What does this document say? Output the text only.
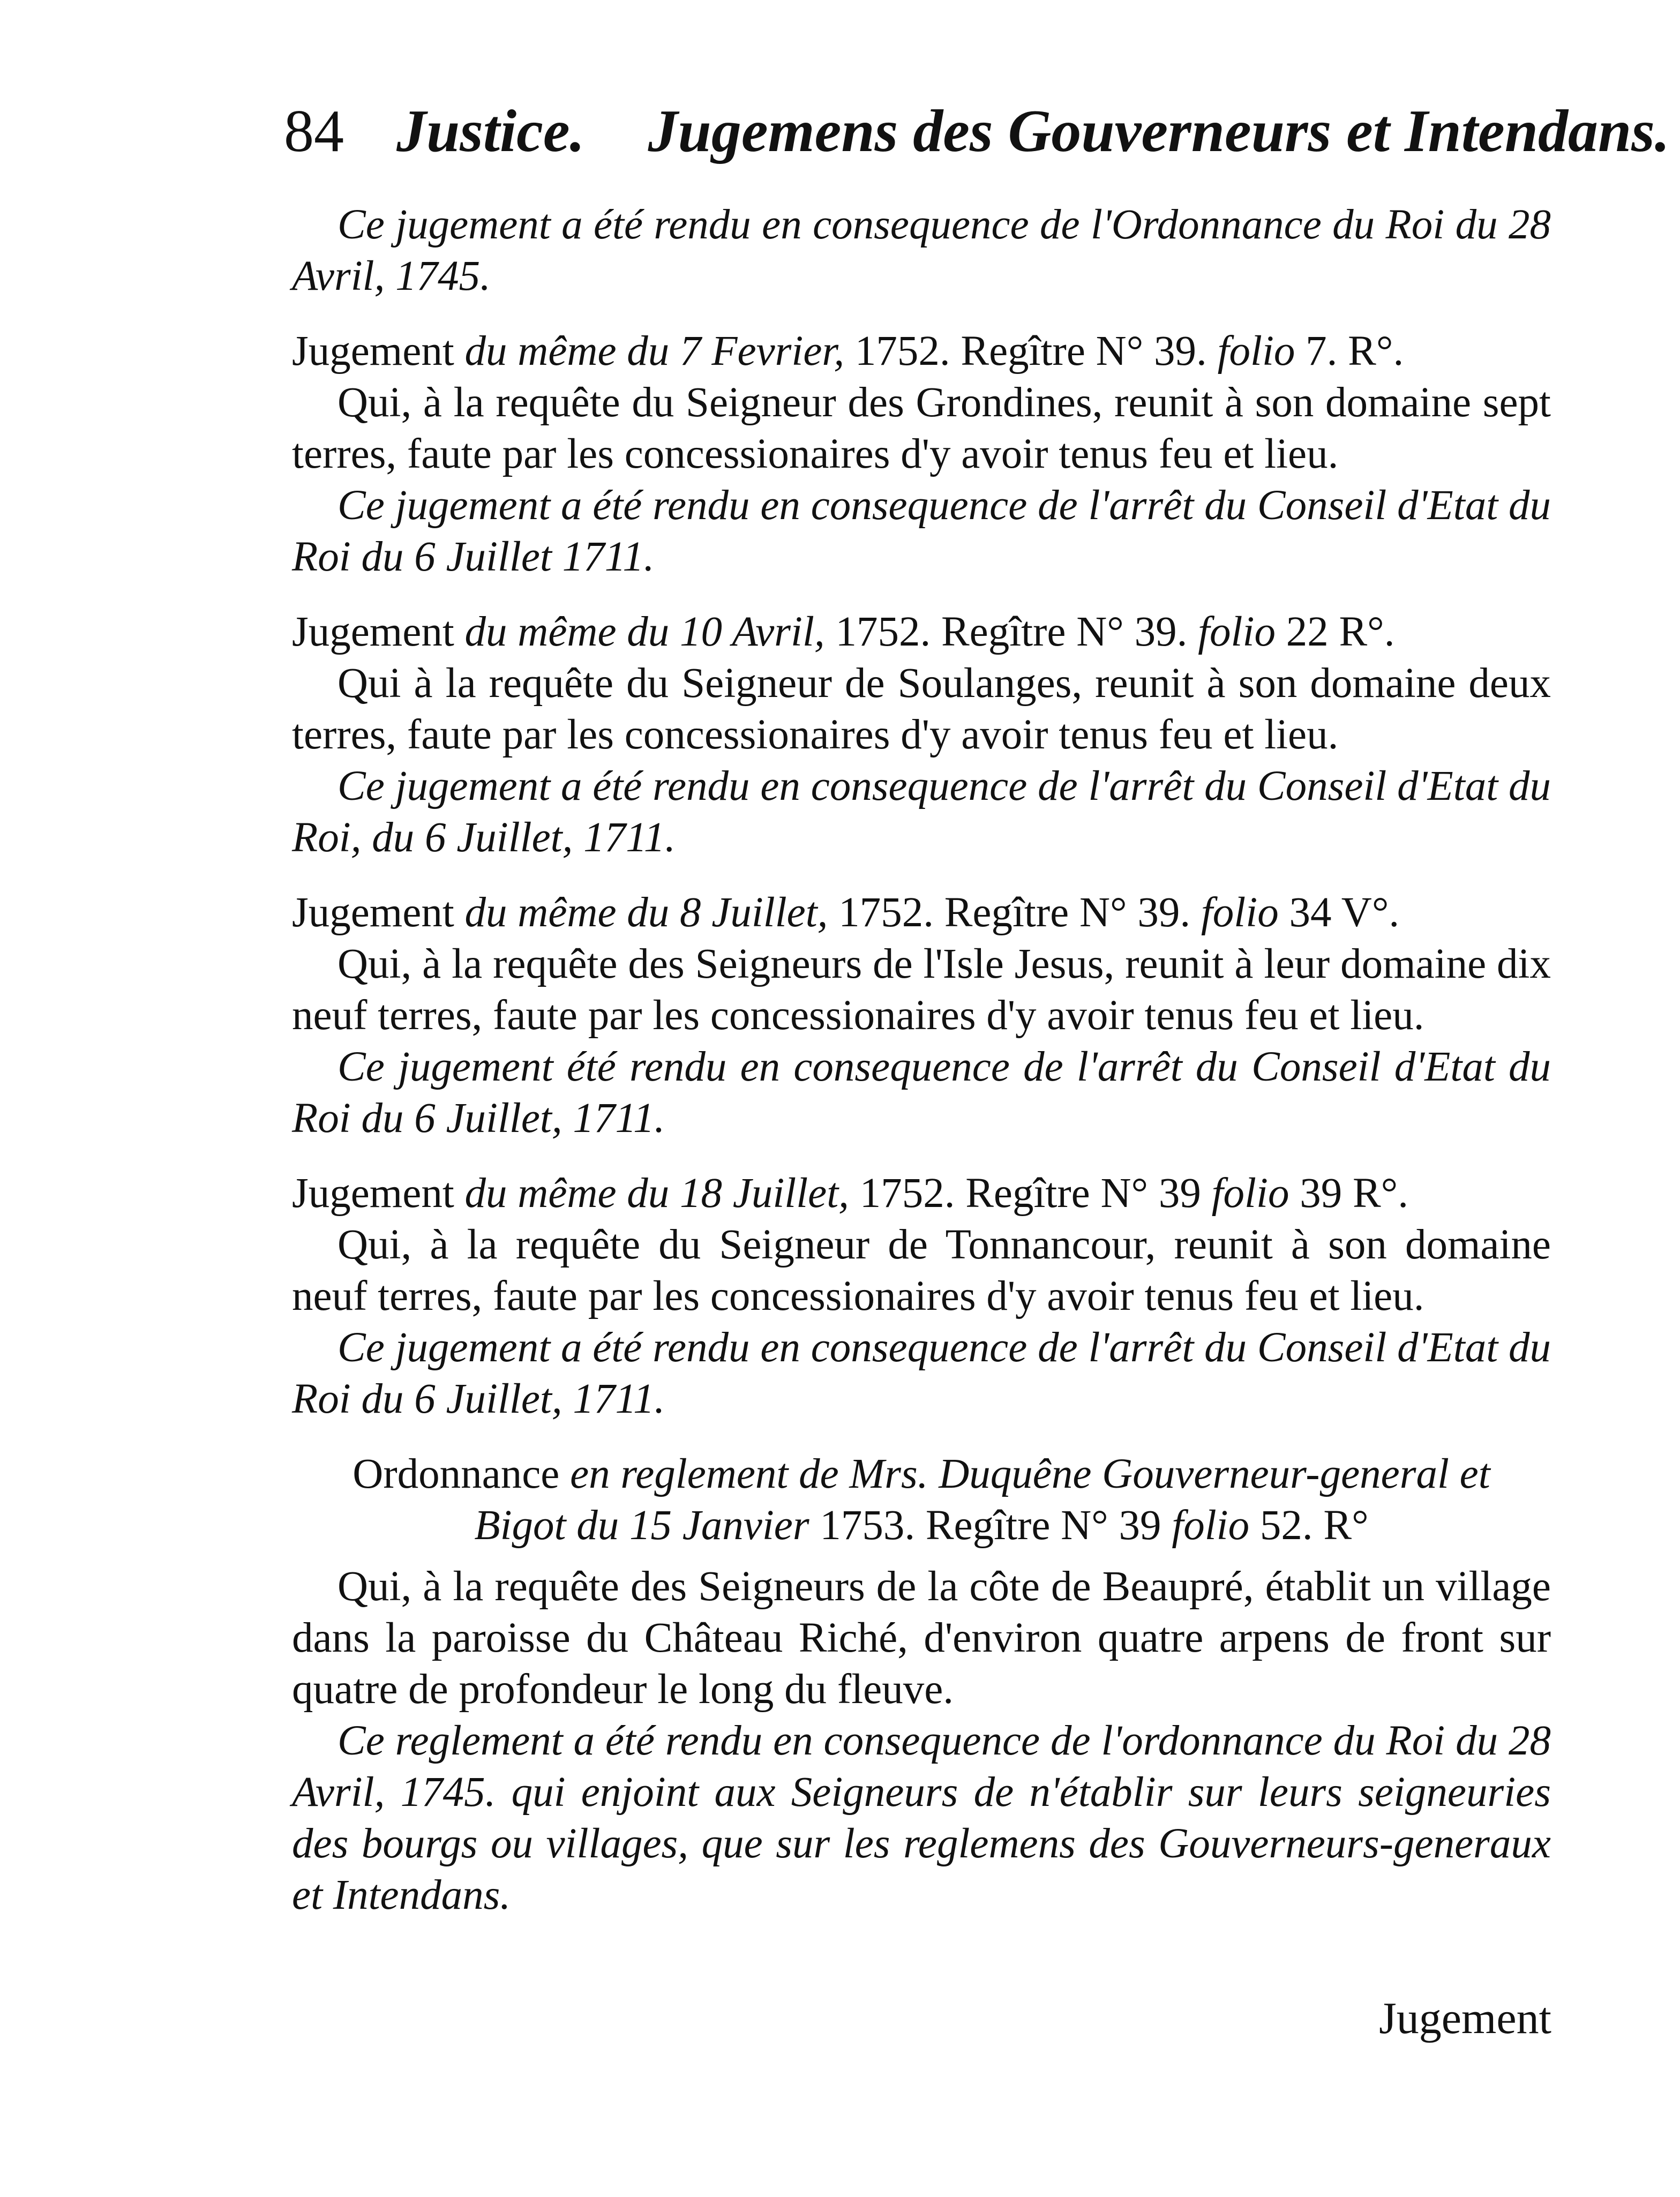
84 Justice. Jugemens des Gouverneurs et Intendans.

Ce jugement a été rendu en consequence de l'Ordonnance du Roi du 28 Avril, 1745.

Jugement du même du 7 Fevrier, 1752. Regître N° 39. folio 7. R°.

Qui, à la requête du Seigneur des Grondines, reunit à son domaine sept terres, faute par les concessionaires d'y avoir tenus feu et lieu.

Ce jugement a été rendu en consequence de l'arrêt du Conseil d'Etat du Roi du 6 Juillet 1711.

Jugement du même du 10 Avril, 1752. Regître N° 39. folio 22 R°.

Qui à la requête du Seigneur de Soulanges, reunit à son domaine deux terres, faute par les concessionaires d'y avoir tenus feu et lieu.

Ce jugement a été rendu en consequence de l'arrêt du Conseil d'Etat du Roi, du 6 Juillet, 1711.

Jugement du même du 8 Juillet, 1752. Regître N° 39. folio 34 V°.

Qui, à la requête des Seigneurs de l'Isle Jesus, reunit à leur domaine dix neuf terres, faute par les concessionaires d'y avoir tenus feu et lieu.

Ce jugement été rendu en consequence de l'arrêt du Conseil d'Etat du Roi du 6 Juillet, 1711.

Jugement du même du 18 Juillet, 1752. Regître N° 39 folio 39 R°.

Qui, à la requête du Seigneur de Tonnancour, reunit à son domaine neuf terres, faute par les concessionaires d'y avoir tenus feu et lieu.

Ce jugement a été rendu en consequence de l'arrêt du Conseil d'Etat du Roi du 6 Juillet, 1711.

Ordonnance en reglement de Mrs. Duquêne Gouverneur-general et

Bigot du 15 Janvier 1753. Regître N° 39 folio 52. R°

Qui, à la requête des Seigneurs de la côte de Beaupré, établit un village dans la paroisse du Château Riché, d'environ quatre arpens de front sur quatre de profondeur le long du fleuve.

Ce reglement a été rendu en consequence de l'ordonnance du Roi du 28 Avril, 1745. qui enjoint aux Seigneurs de n'établir sur leurs seigneuries des bourgs ou villages, que sur les reglemens des Gouverneurs-generaux et Intendans.

Jugement
